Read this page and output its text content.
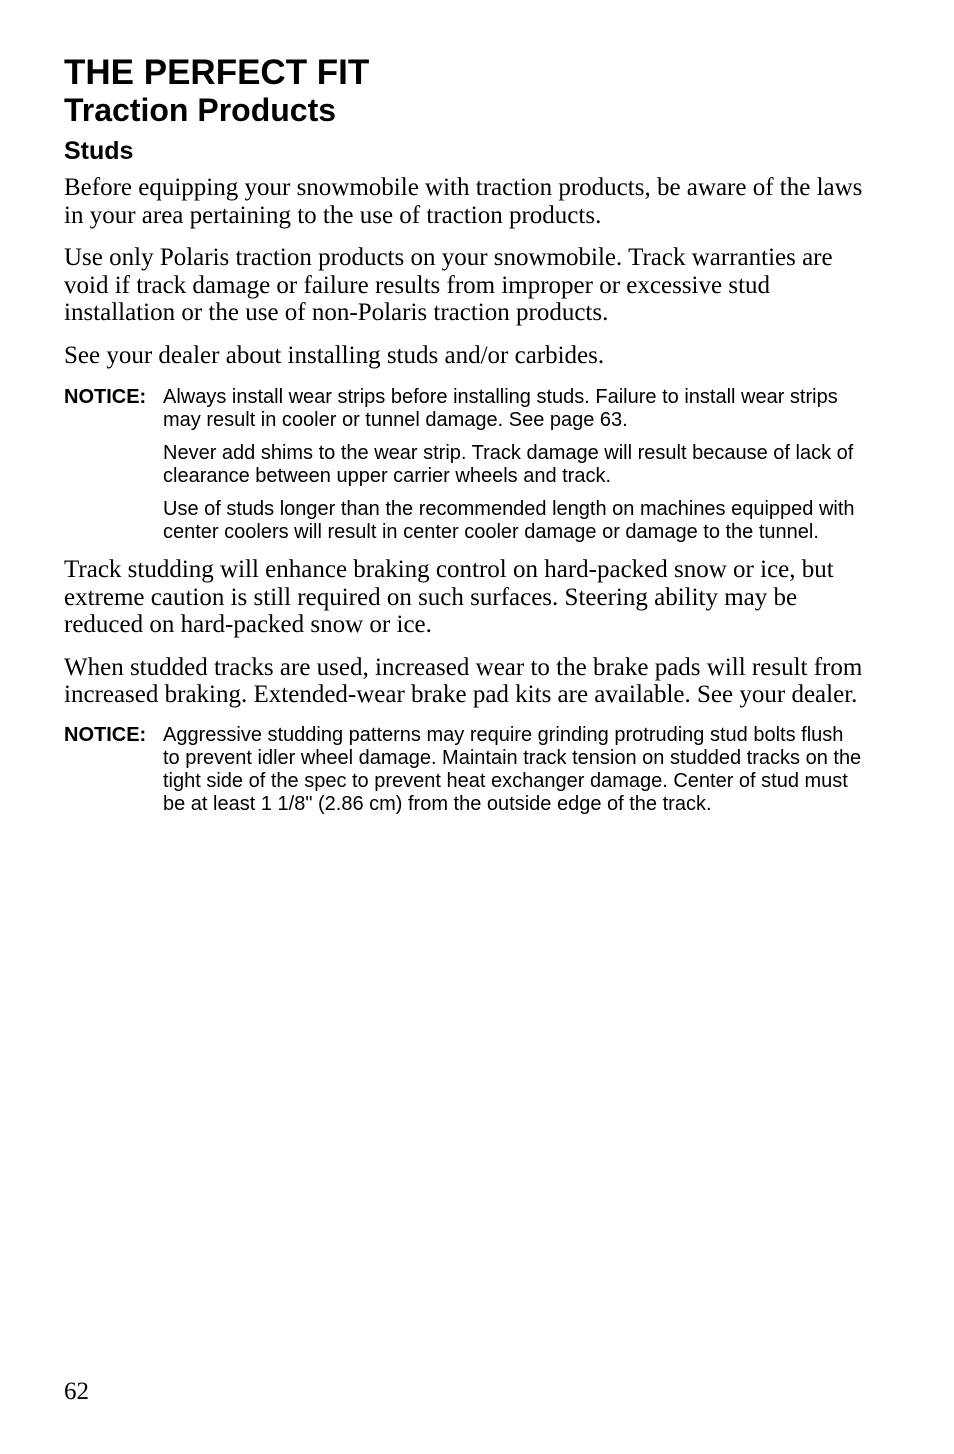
THE PERFECT FIT
Traction Products
Studs

Before equipping your snowmobile with traction products, be aware of the laws in your area pertaining to the use of traction products.

Use only Polaris traction products on your snowmobile. Track warranties are void if track damage or failure results from improper or excessive stud installation or the use of non-Polaris traction products.

See your dealer about installing studs and/or carbides.

NOTICE: Always install wear strips before installing studs. Failure to install wear strips may result in cooler or tunnel damage. See page 63.

Never add shims to the wear strip. Track damage will result because of lack of clearance between upper carrier wheels and track.

Use of studs longer than the recommended length on machines equipped with center coolers will result in center cooler damage or damage to the tunnel.

Track studding will enhance braking control on hard-packed snow or ice, but extreme caution is still required on such surfaces. Steering ability may be reduced on hard-packed snow or ice.

When studded tracks are used, increased wear to the brake pads will result from increased braking. Extended-wear brake pad kits are available. See your dealer.

NOTICE: Aggressive studding patterns may require grinding protruding stud bolts flush to prevent idler wheel damage. Maintain track tension on studded tracks on the tight side of the spec to prevent heat exchanger damage. Center of stud must be at least 1 1/8" (2.86 cm) from the outside edge of the track.

62
